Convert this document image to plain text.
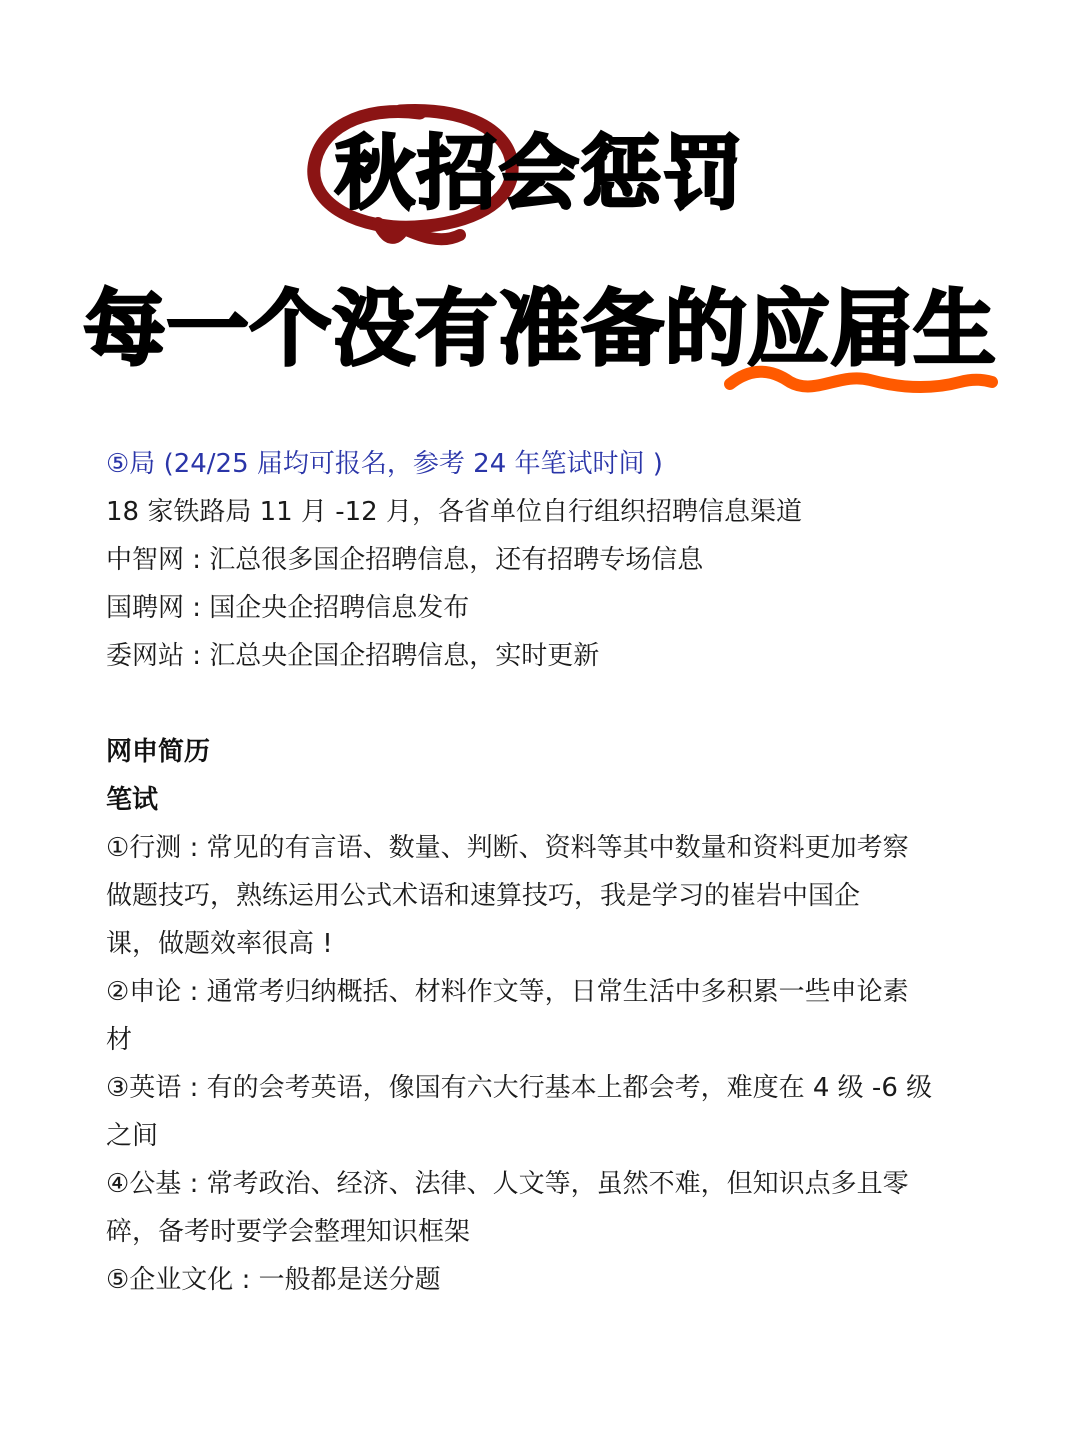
秋招会惩罚
每一个没有准备的应届生
⑤局 (24/25 届均可报名，参考 24 年笔试时间 )
18 家铁路局 11 月 -12 月，各省单位自行组织招聘信息渠道
中智网 : 汇总很多国企招聘信息，还有招聘专场信息
国聘网 : 国企央企招聘信息发布
委网站 : 汇总央企国企招聘信息，实时更新
网申简历
笔试
①行测 : 常见的有言语、数量、判断、资料等其中数量和资料更加考察
做题技巧，熟练运用公式术语和速算技巧，我是学习的崔岩中国企
课，做题效率很高 !
②申论 : 通常考归纳概括、材料作文等，日常生活中多积累一些申论素
材
③英语 : 有的会考英语，像国有六大行基本上都会考，难度在 4 级 -6 级
之间
④公基 : 常考政治、经济、法律、人文等，虽然不难，但知识点多且零
碎，备考时要学会整理知识框架
⑤企业文化 : 一般都是送分题
